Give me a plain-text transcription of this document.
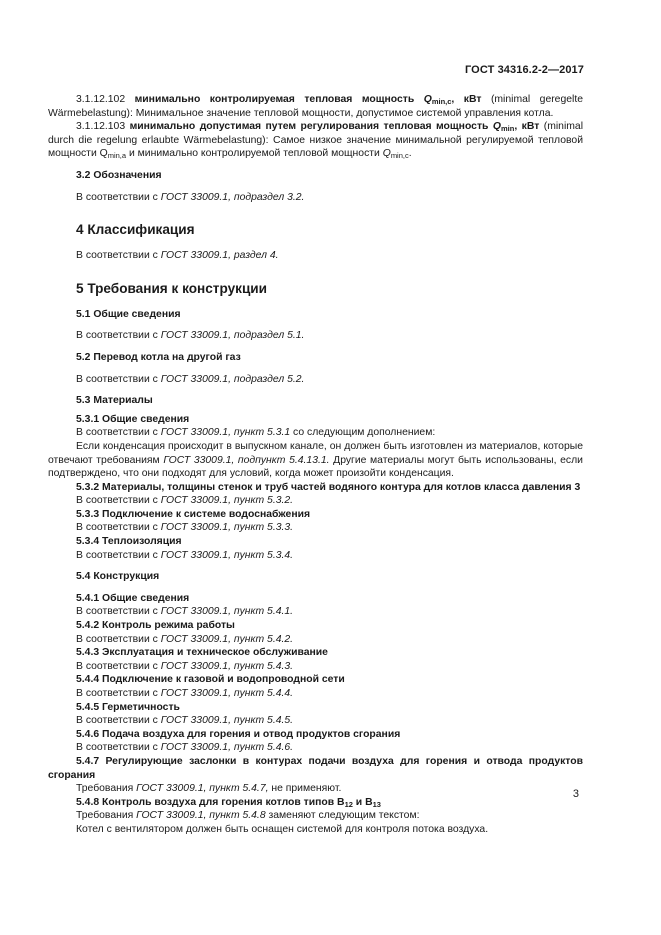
ГОСТ 34316.2-2—2017

3.1.12.102 минимально контролируемая тепловая мощность $Q_{min,c}$, кВт (minimal geregelte Wärmebelastung): Минимальное значение тепловой мощности, допустимое системой управления котла.

3.1.12.103 минимально допустимая путем регулирования тепловая мощность $Q_{min}$, кВт (minimal durch die regelung erlaubte Wärmebelastung): Самое низкое значение минимальной регулируемой тепловой мощности $Q_{min,a}$ и минимально контролируемой тепловой мощности $Q_{min,c}$.

3.2 Обозначения

В соответствии с ГОСТ 33009.1, подраздел 3.2.

4 Классификация

В соответствии с ГОСТ 33009.1, раздел 4.

5 Требования к конструкции

5.1 Общие сведения

В соответствии с ГОСТ 33009.1, подраздел 5.1.

5.2 Перевод котла на другой газ

В соответствии с ГОСТ 33009.1, подраздел 5.2.

5.3 Материалы

5.3.1 Общие сведения

В соответствии с ГОСТ 33009.1, пункт 5.3.1 со следующим дополнением:

Если конденсация происходит в выпускном канале, он должен быть изготовлен из материалов, которые отвечают требованиям ГОСТ 33009.1, подпункт 5.4.13.1. Другие материалы могут быть использованы, если подтверждено, что они подходят для условий, когда может произойти конденсация.

5.3.2 Материалы, толщины стенок и труб частей водяного контура для котлов класса давления 3

В соответствии с ГОСТ 33009.1, пункт 5.3.2.

5.3.3 Подключение к системе водоснабжения

В соответствии с ГОСТ 33009.1, пункт 5.3.3.

5.3.4 Теплоизоляция

В соответствии с ГОСТ 33009.1, пункт 5.3.4.

5.4 Конструкция

5.4.1 Общие сведения

В соответствии с ГОСТ 33009.1, пункт 5.4.1.

5.4.2 Контроль режима работы

В соответствии с ГОСТ 33009.1, пункт 5.4.2.

5.4.3 Эксплуатация и техническое обслуживание

В соответствии с ГОСТ 33009.1, пункт 5.4.3.

5.4.4 Подключение к газовой и водопроводной сети

В соответствии с ГОСТ 33009.1, пункт 5.4.4.

5.4.5 Герметичность

В соответствии с ГОСТ 33009.1, пункт 5.4.5.

5.4.6 Подача воздуха для горения и отвод продуктов сгорания

В соответствии с ГОСТ 33009.1, пункт 5.4.6.

5.4.7 Регулирующие заслонки в контурах подачи воздуха для горения и отвода продуктов сгорания

Требования ГОСТ 33009.1, пункт 5.4.7, не применяют.

5.4.8 Контроль воздуха для горения котлов типов $B_{12}$ и $B_{13}$

Требования ГОСТ 33009.1, пункт 5.4.8 заменяют следующим текстом:

Котел с вентилятором должен быть оснащен системой для контроля потока воздуха.

3
